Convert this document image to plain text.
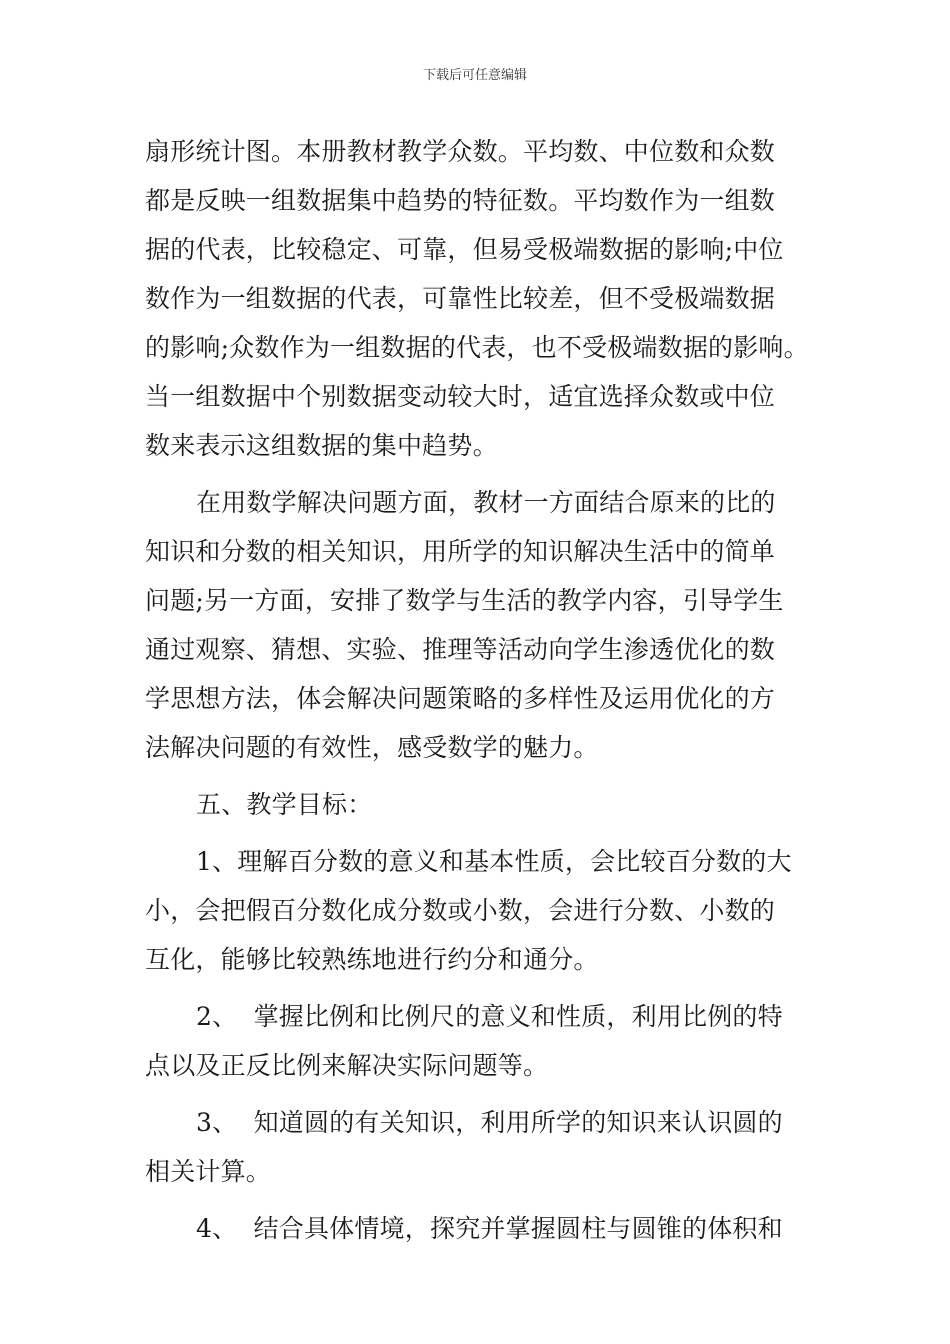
下载后可任意编辑
扇形统计图。本册教材教学众数。平均数、中位数和众数
都是反映一组数据集中趋势的特征数。平均数作为一组数
据的代表，比较稳定、可靠，但易受极端数据的影响;中位
数作为一组数据的代表，可靠性比较差，但不受极端数据
的影响;众数作为一组数据的代表，也不受极端数据的影响。
当一组数据中个别数据变动较大时，适宜选择众数或中位
数来表示这组数据的集中趋势。
在用数学解决问题方面，教材一方面结合原来的比的
知识和分数的相关知识，用所学的知识解决生活中的简单
问题;另一方面，安排了数学与生活的教学内容，引导学生
通过观察、猜想、实验、推理等活动向学生渗透优化的数
学思想方法，体会解决问题策略的多样性及运用优化的方
法解决问题的有效性，感受数学的魅力。
五、教学目标：
1、理解百分数的意义和基本性质，会比较百分数的大
小，会把假百分数化成分数或小数，会进行分数、小数的
互化，能够比较熟练地进行约分和通分。
2、  掌握比例和比例尺的意义和性质，利用比例的特
点以及正反比例来解决实际问题等。
3、  知道圆的有关知识，利用所学的知识来认识圆的
相关计算。
4、  结合具体情境，探究并掌握圆柱与圆锥的体积和
